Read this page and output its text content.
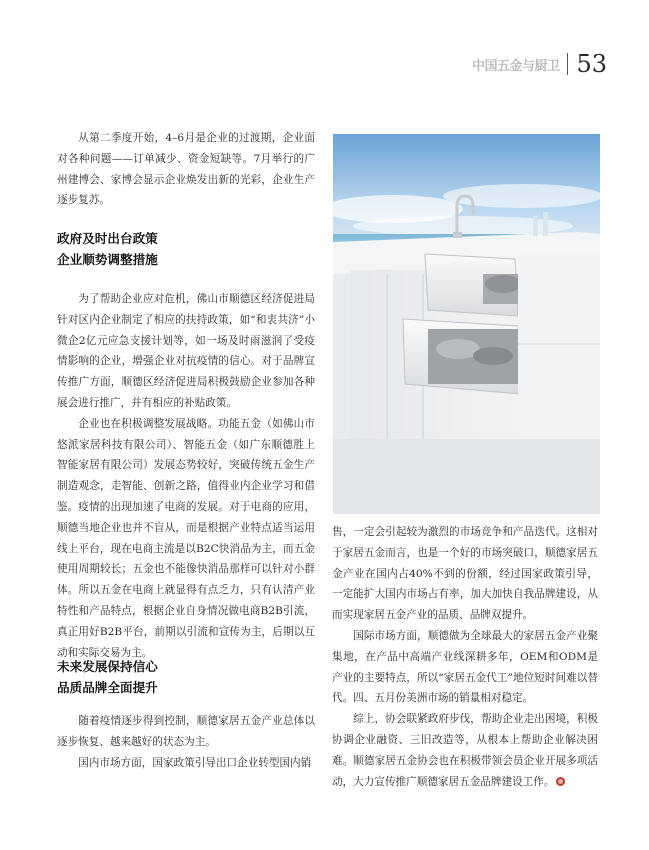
中国五金与厨卫 53

从第二季度开始，4–6月是企业的过渡期，企业面对各种问题——订单减少、资金短缺等。7月举行的广州建博会、家博会显示企业焕发出新的光彩，企业生产逐步复苏。

政府及时出台政策
企业顺势调整措施

为了帮助企业应对危机，佛山市顺德区经济促进局针对区内企业制定了相应的扶持政策，如“和衷共济”小微企2亿元应急支援计划等，如一场及时雨滋润了受疫情影响的企业，增强企业对抗疫情的信心。对于品牌宣传推广方面，顺德区经济促进局积极鼓励企业参加各种展会进行推广，并有相应的补贴政策。

企业也在积极调整发展战略。功能五金（如佛山市悠派家居科技有限公司）、智能五金（如广东顺德胜上智能家居有限公司）发展态势较好，突破传统五金生产制造观念，走智能、创新之路，值得业内企业学习和借鉴。 疫情的出现加速了电商的发展。对于电商的应用，顺德当地企业也并不盲从，而是根据产业特点适当运用线上平台，现在电商主流是以B2C快消品为主，而五金使用周期较长；五金也不能像快消品那样可以针对小群体。所以五金在电商上就显得有点乏力，只有认清产业特性和产品特点，根据企业自身情况做电商B2B引流，真正用好B2B平台，前期以引流和宣传为主，后期以互动和实际交易为主。

未来发展保持信心
品质品牌全面提升

随着疫情逐步得到控制，顺德家居五金产业总体以逐步恢复、越来越好的状态为主。

国内市场方面，国家政策引导出口企业转型国内销

售，一定会引起较为激烈的市场竞争和产品迭代。这相对于家居五金而言，也是一个好的市场突破口，顺德家居五金产业在国内占40%不到的份额，经过国家政策引导，一定能扩大国内市场占有率，加大加快自我品牌建设，从而实现家居五金产业的品质、品牌双提升。

国际市场方面，顺德做为全球最大的家居五金产业聚集地，在产品中高端产业线深耕多年，OEM和ODM是产业的主要特点，所以“家居五金代工”地位短时间难以替代。四、五月份美洲市场的销量相对稳定。

综上，协会联紧政府步伐，帮助企业走出困境，积极协调企业融资、三旧改造等，从根本上帮助企业解决困难。顺德家居五金协会也在积极带领会员企业开展多项活动，大力宣传推广顺德家居五金品牌建设工作。
